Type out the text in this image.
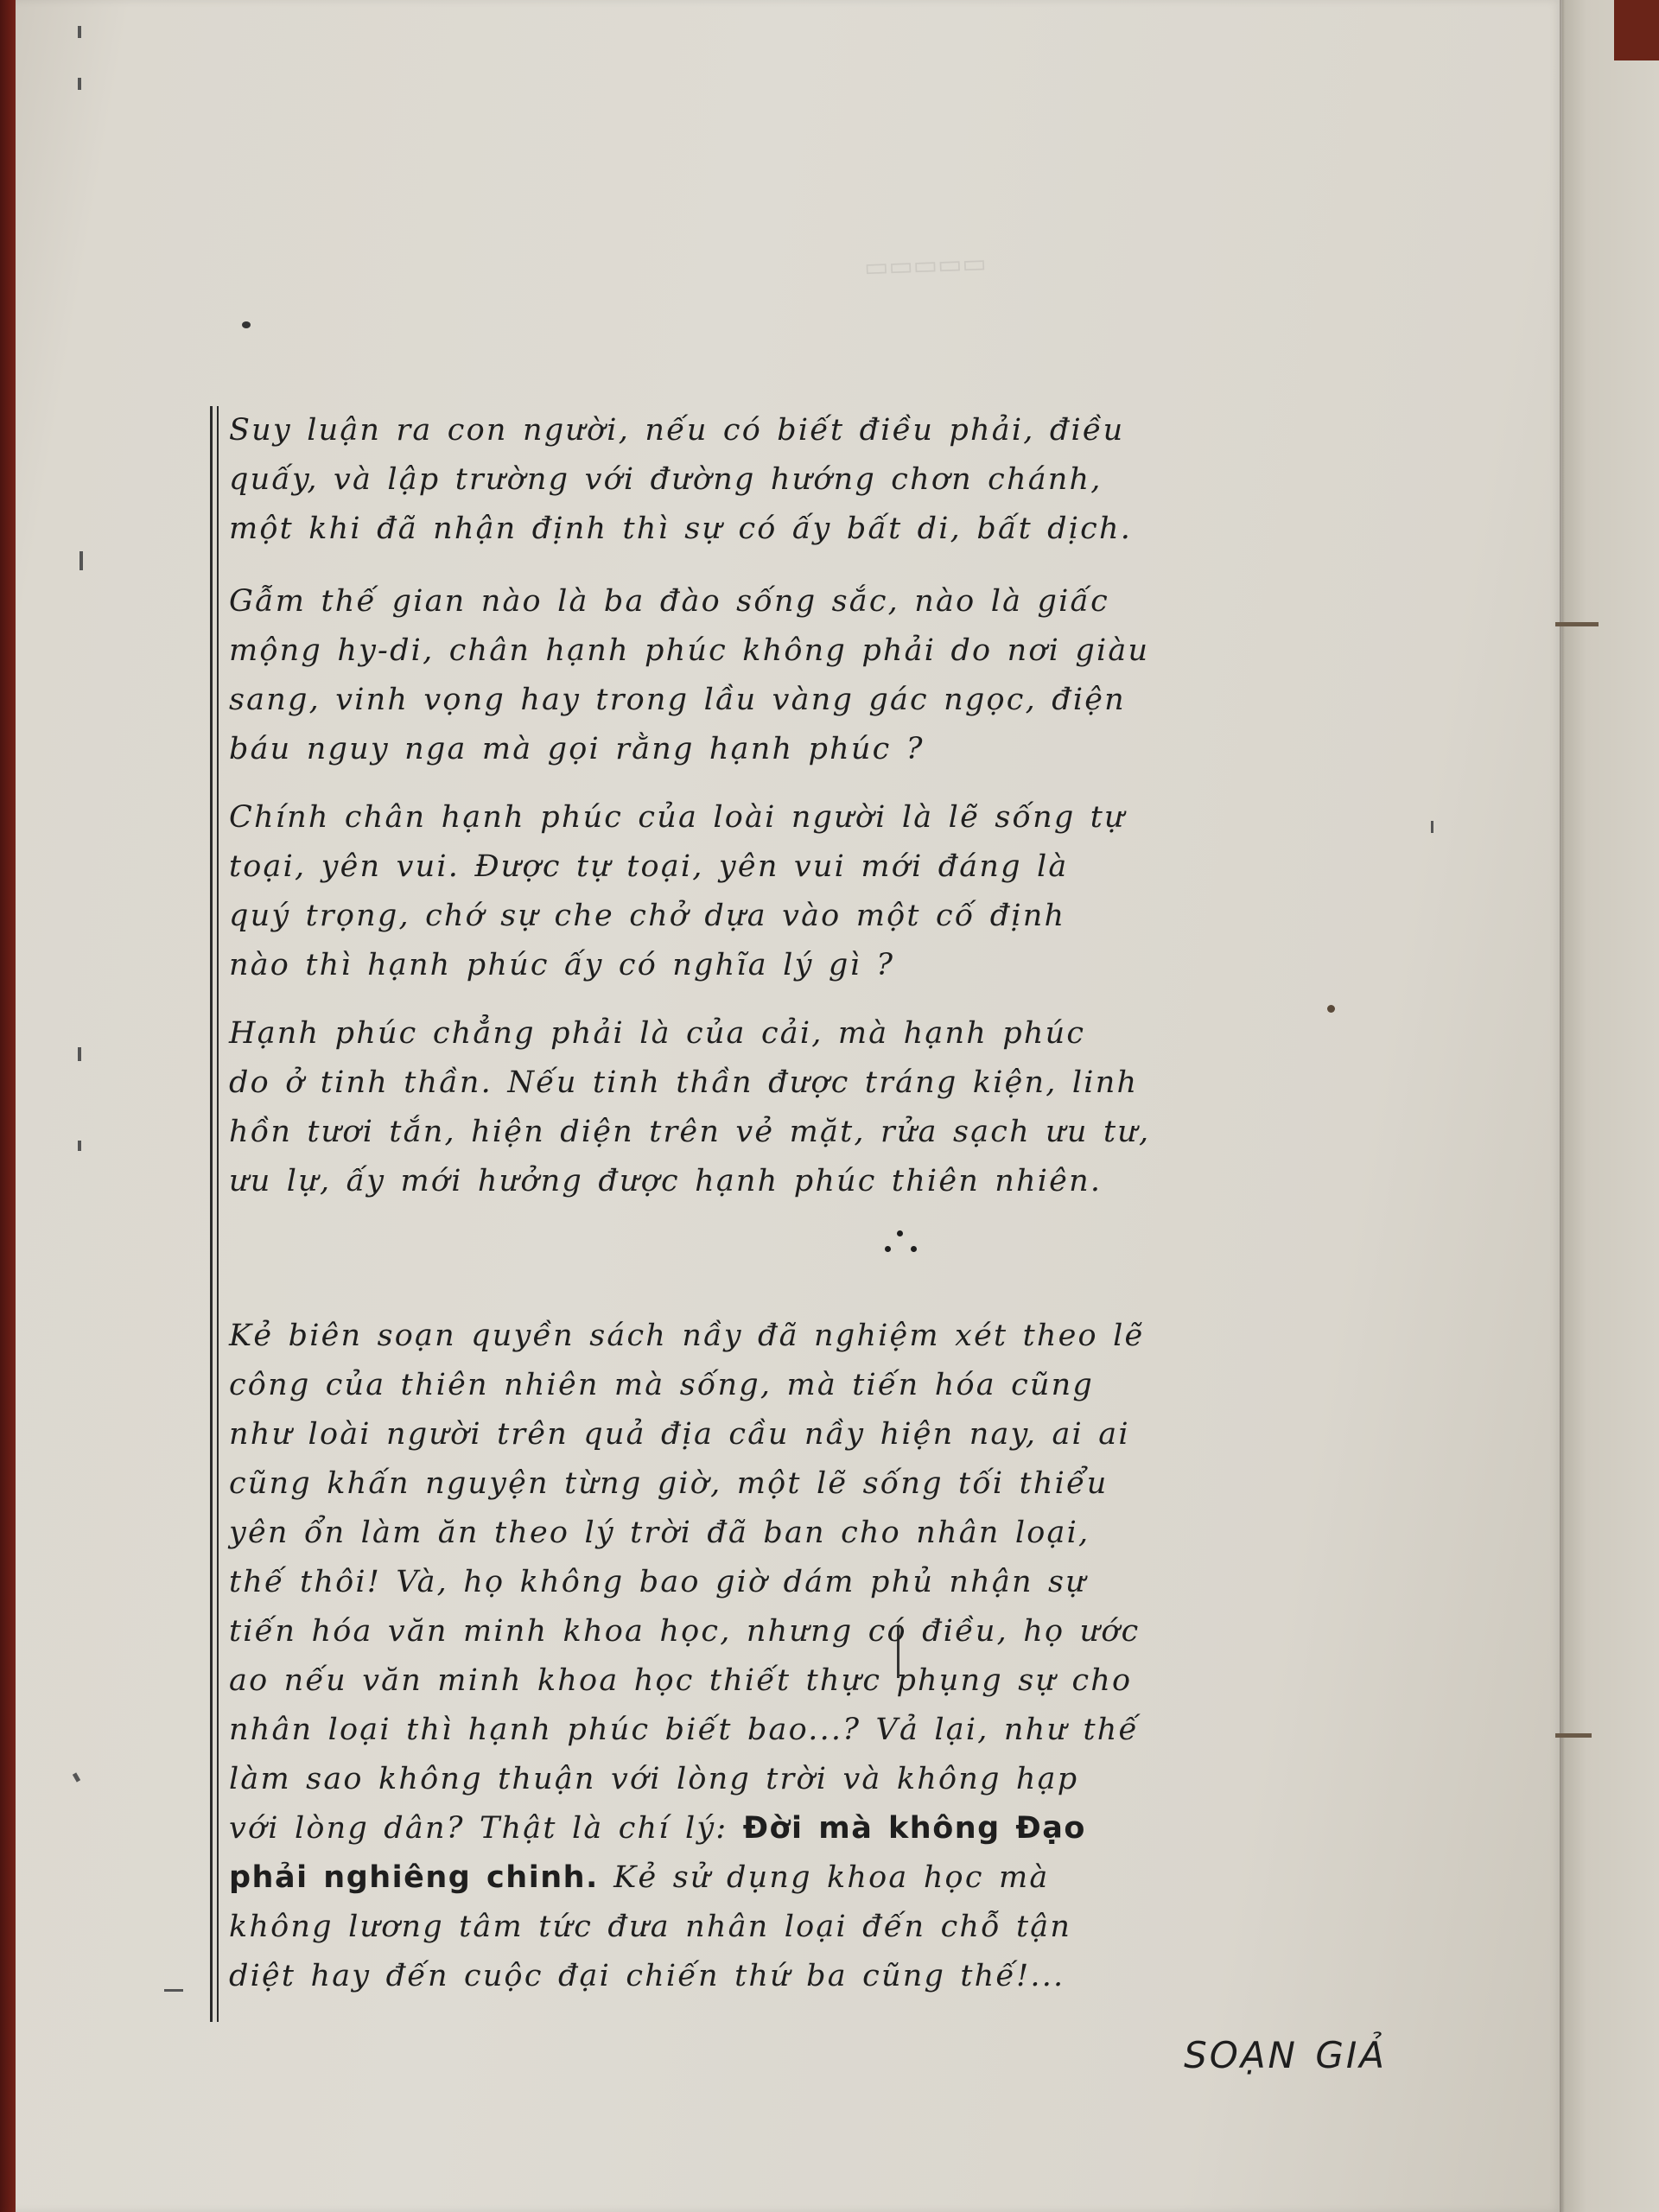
▭▭▭▭▭
Suy luận ra con người, nếu có biết điều phải, điều
quấy, và lập trường với đường hướng chơn chánh,
một khi đã nhận định thì sự có ấy bất di, bất dịch.
Gẫm thế gian nào là ba đào sống sắc, nào là giấc
mộng hy-di, chân hạnh phúc không phải do nơi giàu
sang, vinh vọng hay trong lầu vàng gác ngọc, điện
báu nguy nga mà gọi rằng hạnh phúc ?
Chính chân hạnh phúc của loài người là lẽ sống tự
toại, yên vui. Được tự toại, yên vui mới đáng là
quý trọng, chớ sự che chở dựa vào một cố định
nào thì hạnh phúc ấy có nghĩa lý gì ?
Hạnh phúc chẳng phải là của cải, mà hạnh phúc
do ở tinh thần. Nếu tinh thần được tráng kiện, linh
hồn tươi tắn, hiện diện trên vẻ mặt, rửa sạch ưu tư,
ưu lự, ấy mới hưởng được hạnh phúc thiên nhiên.
Kẻ biên soạn quyền sách nầy đã nghiệm xét theo lẽ
công của thiên nhiên mà sống, mà tiến hóa cũng
như loài người trên quả địa cầu nầy hiện nay, ai ai
cũng khấn nguyện từng giờ, một lẽ sống tối thiểu
yên ổn làm ăn theo lý trời đã ban cho nhân loại,
thế thôi! Và, họ không bao giờ dám phủ nhận sự
tiến hóa văn minh khoa học, nhưng có điều, họ ước
ao nếu văn minh khoa học thiết thực phụng sự cho
nhân loại thì hạnh phúc biết bao...? Vả lại, như thế
làm sao không thuận với lòng trời và không hạp
với lòng dân? Thật là chí lý: Đời mà không Đạo
phải nghiêng chinh. Kẻ sử dụng khoa học mà
không lương tâm tức đưa nhân loại đến chỗ tận
diệt hay đến cuộc đại chiến thứ ba cũng thế!...
SOẠN GIẢ
